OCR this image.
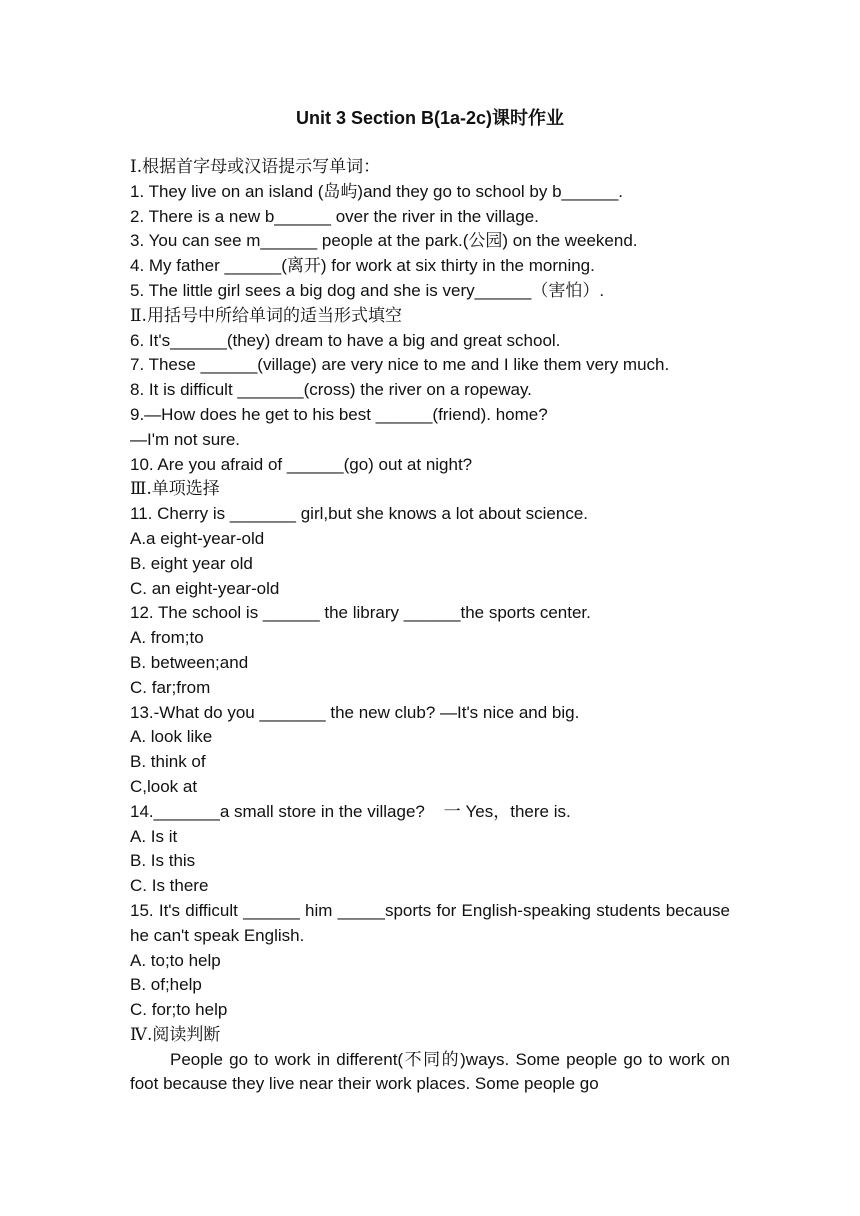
Unit 3 Section B(1a-2c)课时作业
Ⅰ.根据首字母或汉语提示写单词：
1. They live on an island (岛屿)and they go to school by b______.
2. There is a new b______ over the river in the village.
3. You can see m______ people at the park.(公园) on the weekend.
4. My father ______(离开) for work at six thirty in the morning.
5. The little girl sees a big dog and she is very______（害怕）.
Ⅱ.用括号中所给单词的适当形式填空
6. It's______(they) dream to have a big and great school.
7. These ______(village) are very nice to me and I like them very much.
8. It is difficult _______(cross) the river on a ropeway.
9.—How does he get to his best ______(friend). home?
—I'm not sure.
10. Are you afraid of ______(go) out at night?
Ⅲ.单项选择
11. Cherry is _______ girl,but she knows a lot about science.
A.a eight-year-old
B. eight year old
C. an eight-year-old
12. The school is ______ the library ______the sports center.
A. from;to
B. between;and
C. far;from
13.-What do you _______ the new club? —It's nice and big.
A. look like
B. think of
C,look at
14._______a small store in the village?    一 Yes，there is.
A. Is it
B. Is this
C. Is there
15. It's difficult ______ him _____sports for English-speaking students because he can't speak English.
A. to;to help
B. of;help
C. for;to help
Ⅳ.阅读判断
People go to work in different(不同的)ways. Some people go to work on foot because they live near their work places. Some people go
